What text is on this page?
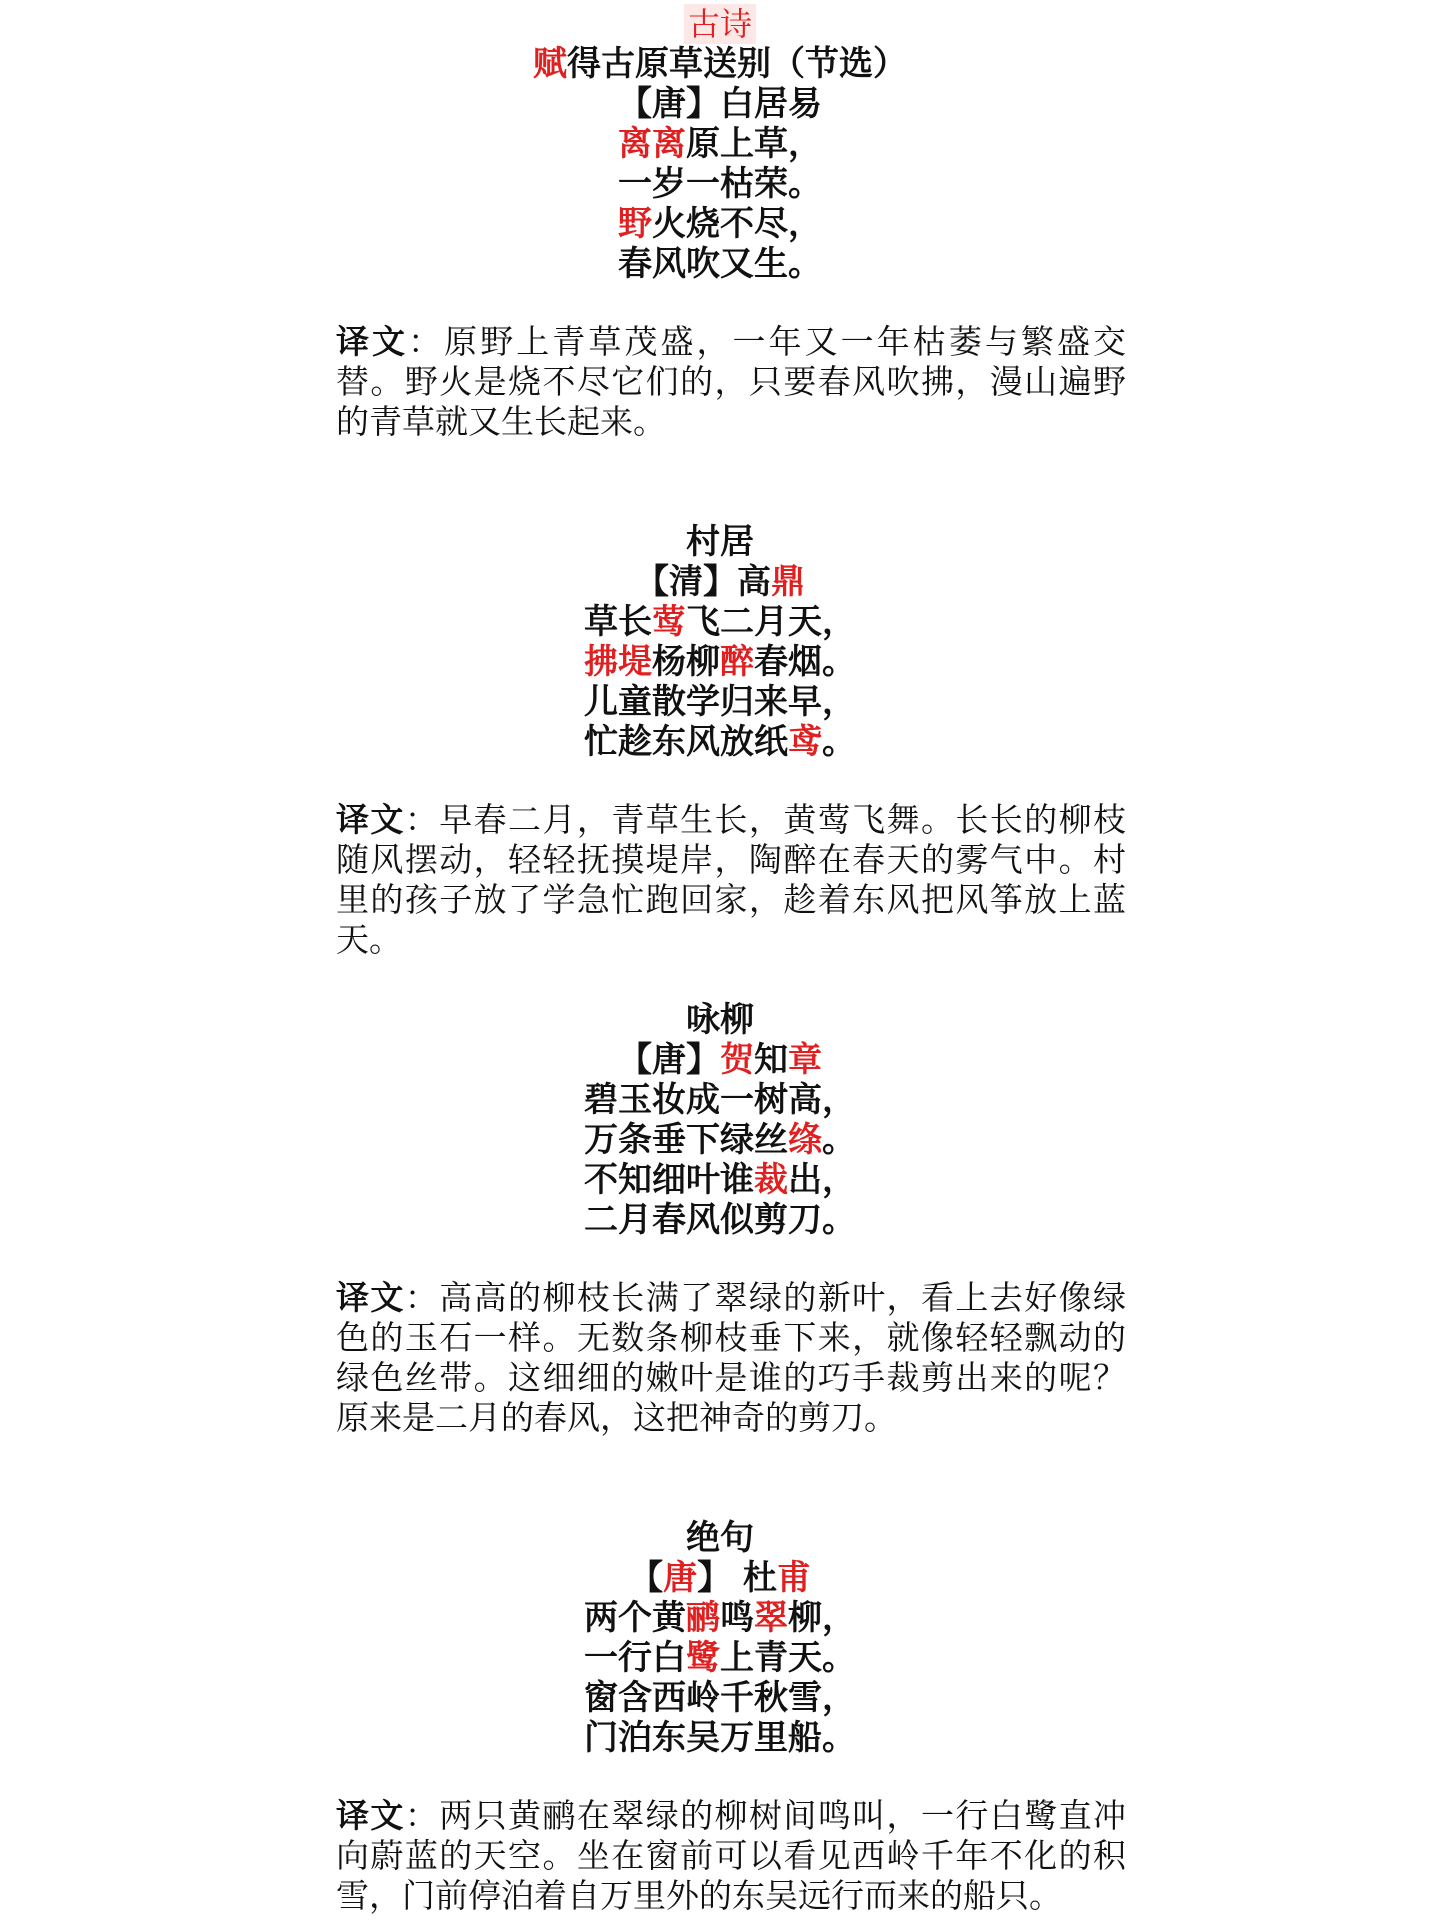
古诗
赋得古原草送别（节选）
【唐】白居易
离离原上草，
一岁一枯荣。
野火烧不尽，
春风吹又生。
译文：原野上青草茂盛，一年又一年枯萎与繁盛交替。野火是烧不尽它们的，只要春风吹拂，漫山遍野的青草就又生长起来。
村居
【清】高鼎
草长莺飞二月天，
拂堤杨柳醉春烟。
儿童散学归来早，
忙趁东风放纸鸢。
译文：早春二月，青草生长，黄莺飞舞。长长的柳枝随风摆动，轻轻抚摸堤岸，陶醉在春天的雾气中。村里的孩子放了学急忙跑回家，趁着东风把风筝放上蓝天。
咏柳
【唐】贺知章
碧玉妆成一树高，
万条垂下绿丝绦。
不知细叶谁裁出，
二月春风似剪刀。
译文：高高的柳枝长满了翠绿的新叶，看上去好像绿色的玉石一样。无数条柳枝垂下来，就像轻轻飘动的绿色丝带。这细细的嫩叶是谁的巧手裁剪出来的呢？原来是二月的春风，这把神奇的剪刀。
绝句
【唐】 杜甫
两个黄鹂鸣翠柳，
一行白鹭上青天。
窗含西岭千秋雪，
门泊东吴万里船。
译文：两只黄鹂在翠绿的柳树间鸣叫，一行白鹭直冲向蔚蓝的天空。坐在窗前可以看见西岭千年不化的积雪，门前停泊着自万里外的东吴远行而来的船只。
